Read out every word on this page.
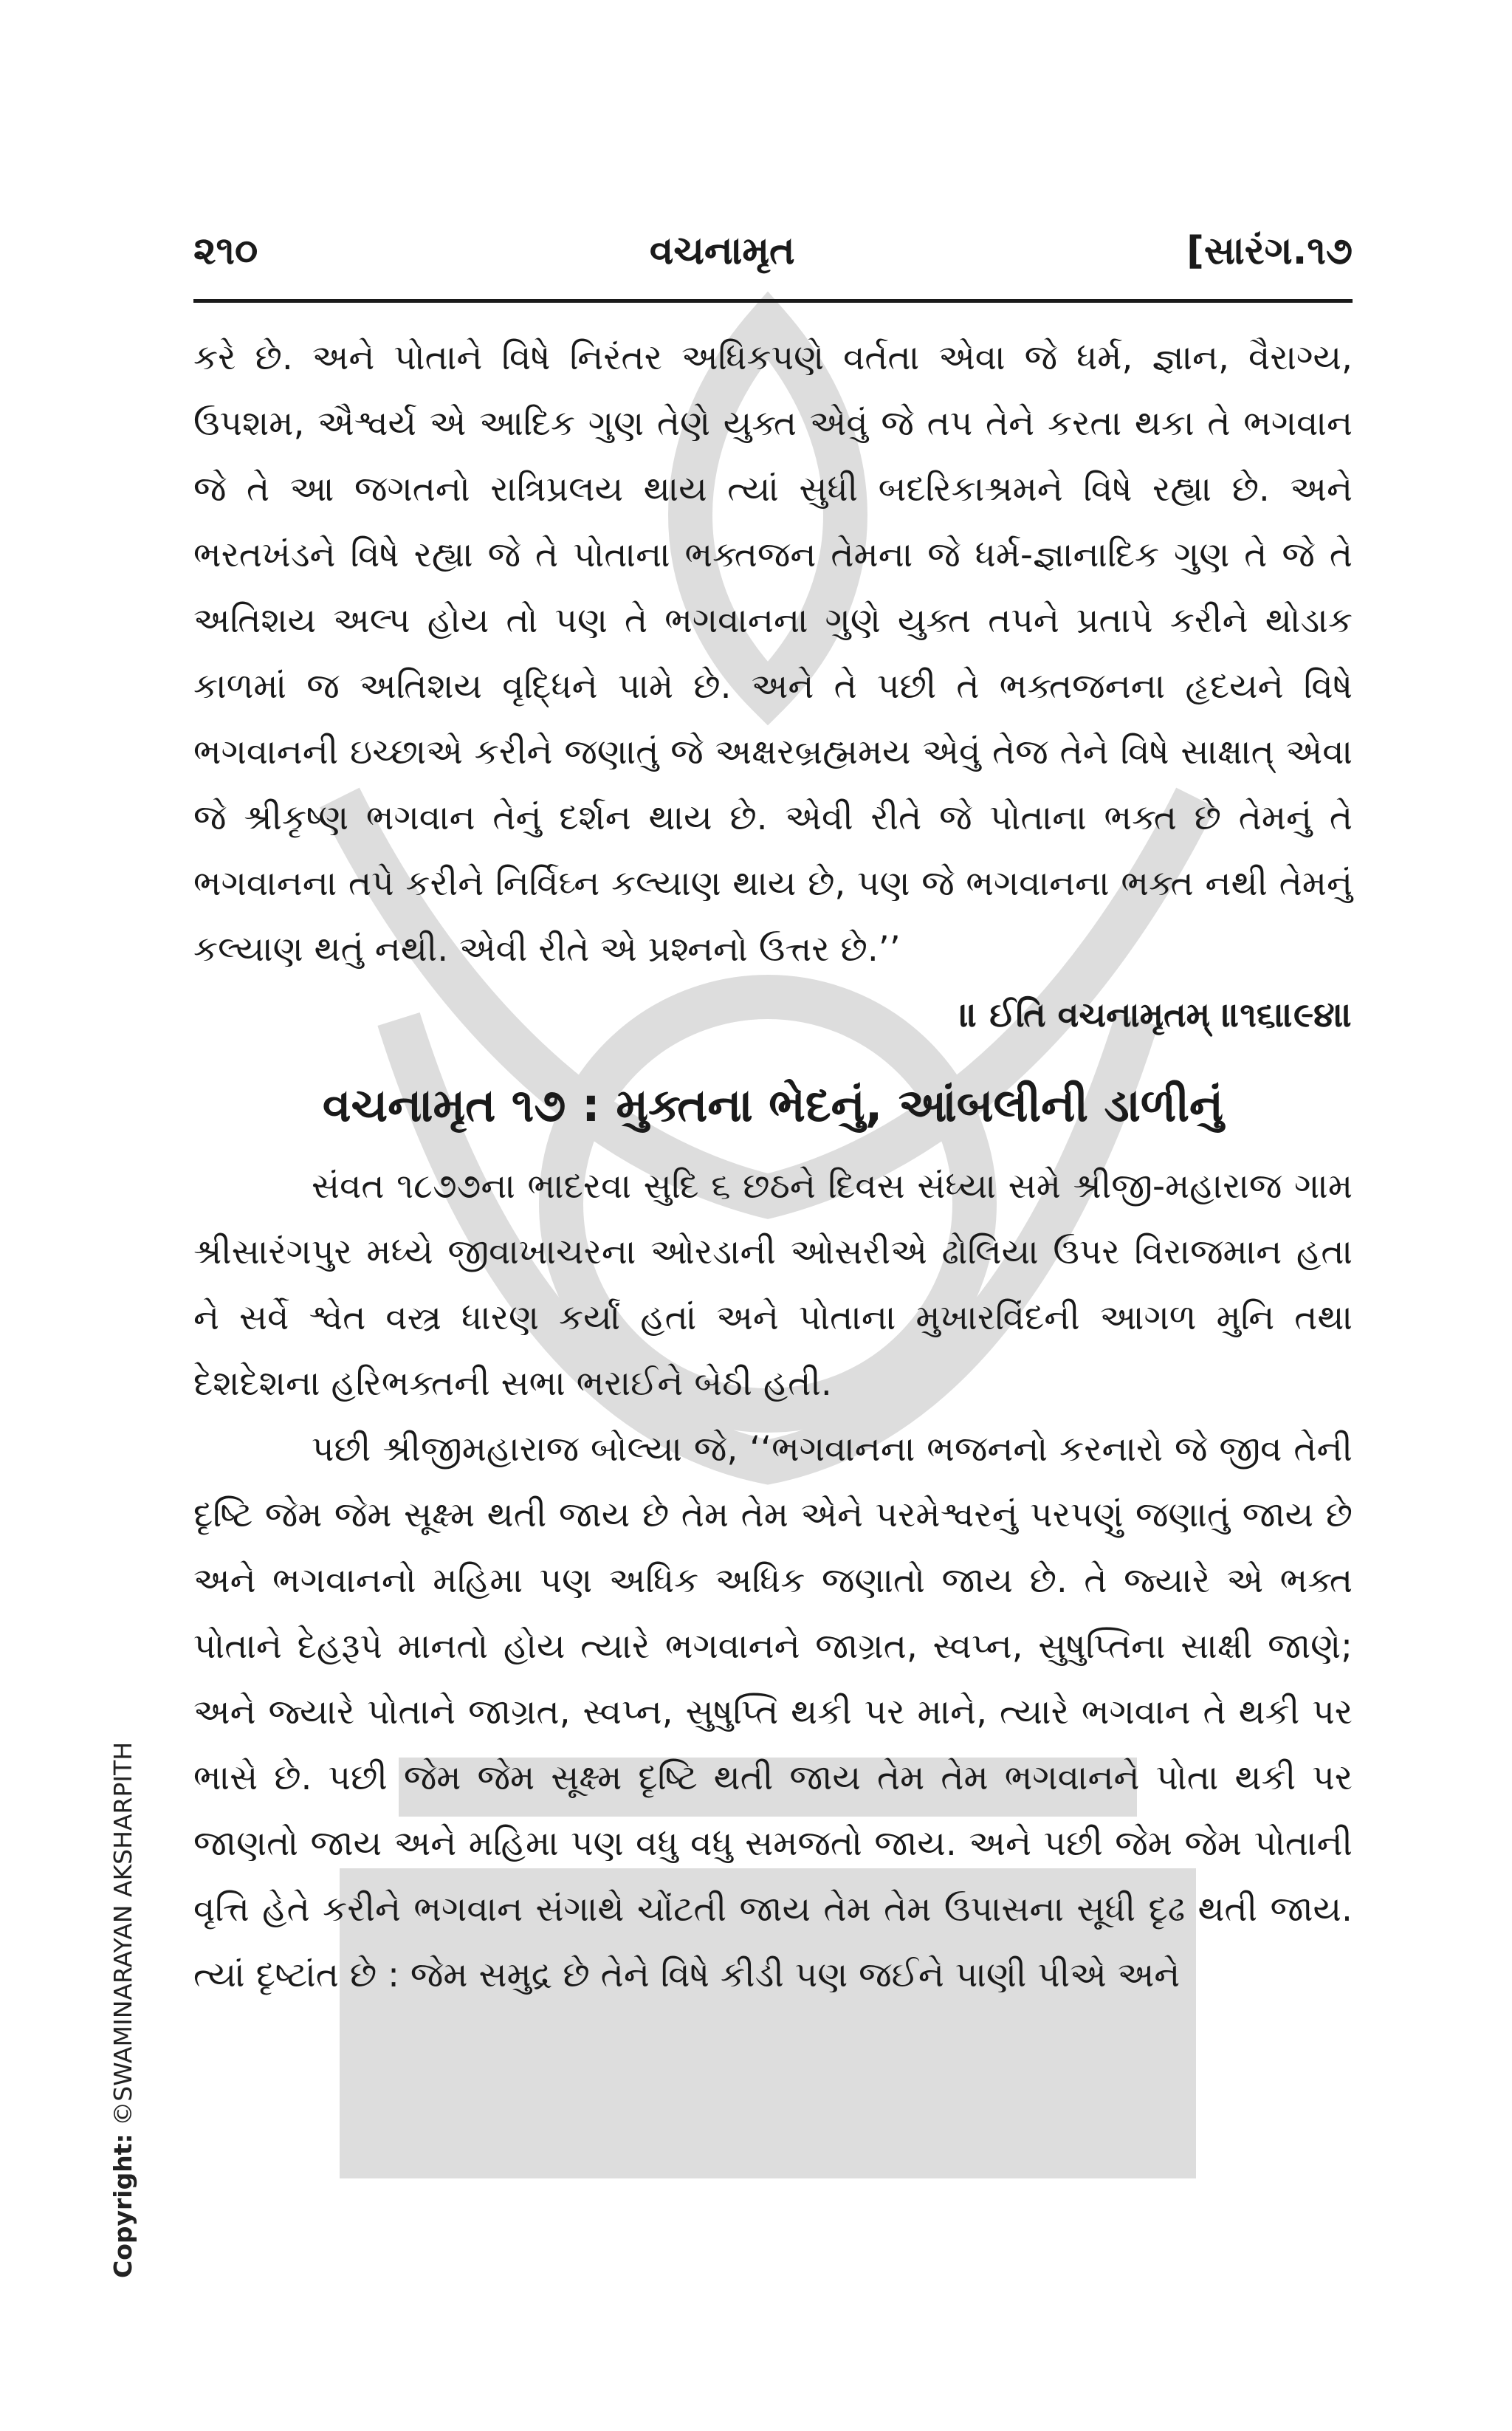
૨૧૦	વચનામૃત	[સારંગ.૧૭

કરે છે. અને પોતાને વિષે નિરંતર અધિકપણે વર્તતા એવા જે ધર્મ, જ્ઞાન, વૈરાગ્ય, ઉપશમ, ઐશ્વર્ય એ આદિક ગુણ તેણે યુક્ત એવું જે તપ તેને કરતા થકા તે ભગવાન જે તે આ જગતનો રાત્રિપ્રલય થાય ત્યાં સુધી બદરિકાશ્રમને વિષે રહ્યા છે. અને ભરતખંડને વિષે રહ્યા જે તે પોતાના ભક્તજન તેમના જે ધર્મ-જ્ઞાનાદિક ગુણ તે જે તે અતિશય અલ્પ હોય તો પણ તે ભગવાનના ગુણે યુક્ત તપને પ્રતાપે કરીને થોડાક કાળમાં જ અતિશય વૃદ્ધિને પામે છે. અને તે પછી તે ભક્તજનના હૃદયને વિષે ભગવાનની ઇચ્છાએ કરીને જણાતું જે અક્ષરબ્રહ્મમય એવું તેજ તેને વિષે સાક્ષાત્ એવા જે શ્રીકૃષ્ણ ભગવાન તેનું દર્શન થાય છે. એવી રીતે જે પોતાના ભક્ત છે તેમનું તે ભગવાનના તપે કરીને નિર્વિઘ્ન કલ્યાણ થાય છે, પણ જે ભગવાનના ભક્ત નથી તેમનું કલ્યાણ થતું નથી. એવી રીતે એ પ્રશ્નનો ઉત્તર છે.’’

॥ ઈતિ વચનામૃતમ્ ॥૧૬॥૯૪॥
વચનામૃત ૧૭ : મુક્તના ભેદનું, આંબલીની ડાળીનું

સંવત ૧૮૭૭ના ભાદરવા સુદિ ૬ છઠને દિવસ સંધ્યા સમે શ્રીજી-મહારાજ ગામ શ્રીસારંગપુર મધ્યે જીવાખાચરના ઓરડાની ઓસરીએ ઢોલિયા ઉપર વિરાજમાન હતા ને સર્વે શ્વેત વસ્ત્ર ધારણ કર્યાં હતાં અને પોતાના મુખારવિંદની આગળ મુનિ તથા દેશદેશના હરિભક્તની સભા ભરાઈને બેઠી હતી.

પછી શ્રીજીમહારાજ બોલ્યા જે, ‘‘ભગવાનના ભજનનો કરનારો જે જીવ તેની દૃષ્ટિ જેમ જેમ સૂક્ષ્મ થતી જાય છે તેમ તેમ એને પરમેશ્વરનું પરપણું જણાતું જાય છે અને ભગવાનનો મહિમા પણ અધિક અધિક જણાતો જાય છે. તે જ્યારે એ ભક્ત પોતાને દેહરૂપે માનતો હોય ત્યારે ભગવાનને જાગ્રત, સ્વપ્ન, સુષુપ્તિના સાક્ષી જાણે; અને જ્યારે પોતાને જાગ્રત, સ્વપ્ન, સુષુપ્તિ થકી પર માને, ત્યારે ભગવાન તે થકી પર ભાસે છે. પછી જેમ જેમ સૂક્ષ્મ દૃષ્ટિ થતી જાય તેમ તેમ ભગવાનને પોતા થકી પર જાણતો જાય અને મહિમા પણ વધુ વધુ સમજતો જાય. અને પછી જેમ જેમ પોતાની વૃત્તિ હેતે કરીને ભગવાન સંગાથે ચોંટતી જાય તેમ તેમ ઉપાસના સૂધી દૃઢ થતી જાય. ત્યાં દૃષ્ટાંત છે : જેમ સમુદ્ર છે તેને વિષે કીડી પણ જઈને પાણી પીએ અને

Copyright: ©SWAMINARAYAN AKSHARPITH
